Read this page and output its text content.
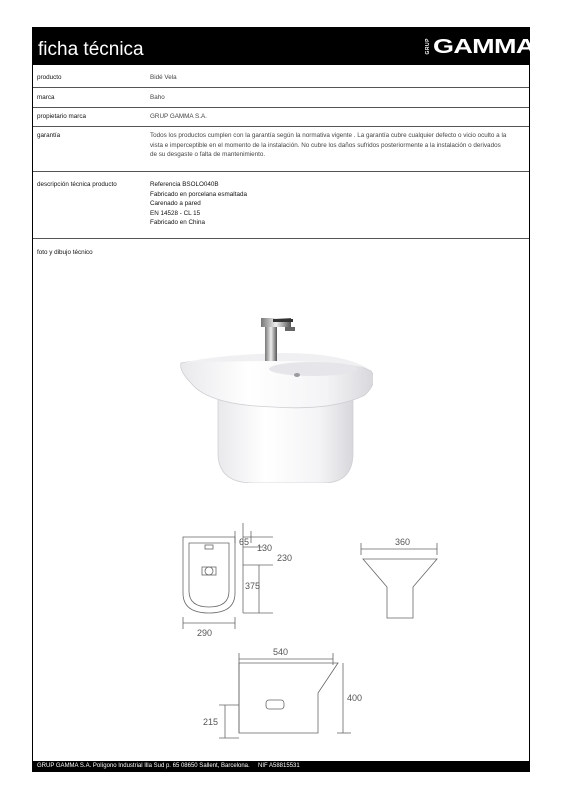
ficha técnica	GRUP GAMMA
producto	Bidé Vela
marca	Baho
propietario marca	GRUP GAMMA S.A.
garantía	Todos los productos cumplen con la garantía según la normativa vigente . La garantía cubre cualquier defecto o vicio oculto a la
vista e imperceptible en el momento de la instalación. No cubre los daños sufridos posteriormente a la instalación o derivados
de su desgaste o falta de mantenimiento.
descripción técnica producto	Referencia BSOLO040B
Fabricado en porcelana esmaltada
Carenado a pared
EN 14528 - CL 15
Fabricado en China
foto y dibujo técnico
65
130
230
375
290
360
540
400
215
GRUP GAMMA S.A. Polígono Industrial Illa Sud p. 65 08650 Sallent, Barcelona.     NIF A58815531
